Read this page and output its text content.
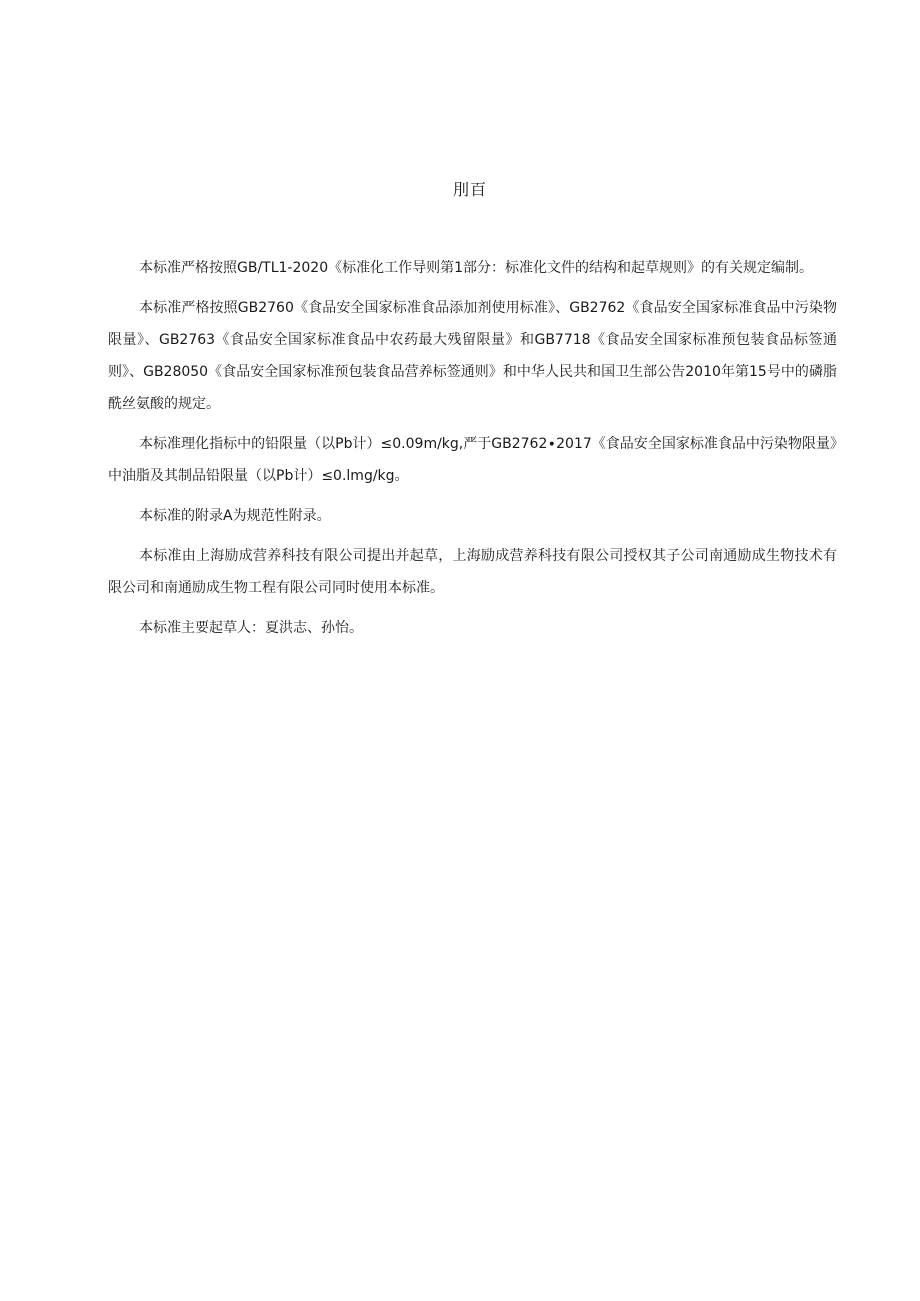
刖百

本标准严格按照GB/TL1-2020《标准化工作导则第1部分：标准化文件的结构和起草规则》的有关规定编制。

本标准严格按照GB2760《食品安全国家标准食品添加剂使用标准》、GB2762《食品安全国家标准食品中污染物限量》、GB2763《食品安全国家标准食品中农药最大残留限量》和GB7718《食品安全国家标准预包装食品标签通则》、GB28050《食品安全国家标准预包装食品营养标签通则》和中华人民共和国卫生部公告2010年第15号中的磷脂酰丝氨酸的规定。

本标准理化指标中的铅限量（以Pb计）≤0.09m∕kg,严于GB2762∙2017《食品安全国家标准食品中污染物限量》中油脂及其制品铅限量（以Pb计）≤0.lmg∕kg。

本标准的附录A为规范性附录。

本标准由上海励成营养科技有限公司提出并起草，上海励成营养科技有限公司授权其子公司南通励成生物技术有限公司和南通励成生物工程有限公司同时使用本标准。

本标准主要起草人：夏洪志、孙怡。
